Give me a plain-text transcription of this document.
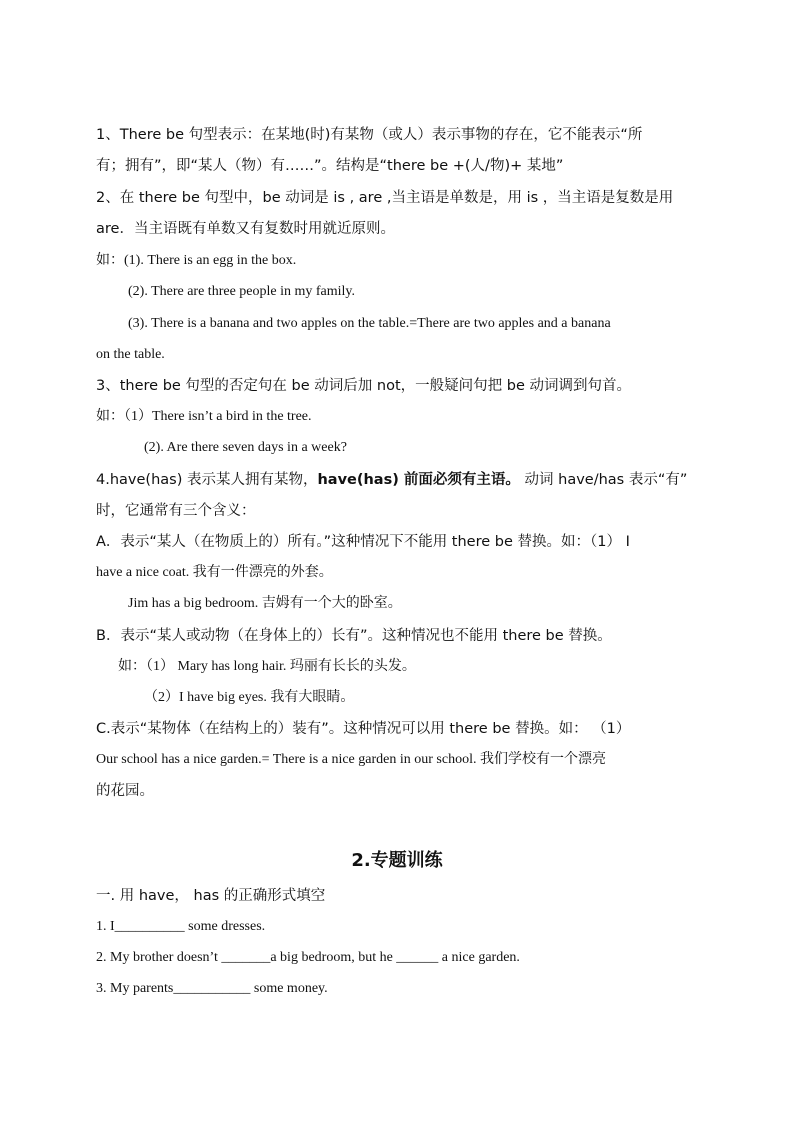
1、There be 句型表示：在某地(时)有某物（或人）表示事物的存在，它不能表示“所
有；拥有”，即“某人（物）有……”。结构是“there be +(人/物)+ 某地”
2、在 there be 句型中，be 动词是 is , are ,当主语是单数是，用 is ，当主语是复数是用
are．当主语既有单数又有复数时用就近原则。
如：(1). There is an egg in the box.
(2). There are three people in my family.
(3). There is a banana and two apples on the table.=There are two apples and a banana
on the table.
3、there be 句型的否定句在 be 动词后加 not，一般疑问句把 be 动词调到句首。
如：（1）There isn’t a bird in the tree.
(2). Are there seven days in a week?
4.have(has) 表示某人拥有某物，have(has) 前面必须有主语。 动词 have/has 表示“有”
时，它通常有三个含义：
A．表示“某人（在物质上的）所有。”这种情况下不能用 there be 替换。如：（1） I
have a nice coat. 我有一件漂亮的外套。
Jim has a big bedroom. 吉姆有一个大的卧室。
B．表示“某人或动物（在身体上的）长有”。这种情况也不能用 there be 替换。
如：（1） Mary has long hair. 玛丽有长长的头发。
（2）I have big eyes. 我有大眼睛。
C.表示“某物体（在结构上的）装有”。这种情况可以用 there be 替换。如： （1）
Our school has a nice garden.= There is a nice garden in our school. 我们学校有一个漂亮
的花园。
2.专题训练
一. 用 have， has 的正确形式填空
1. I__________ some dresses.
2. My brother doesn’t _______a big bedroom, but he ______ a nice garden.
3. My parents___________ some money.
